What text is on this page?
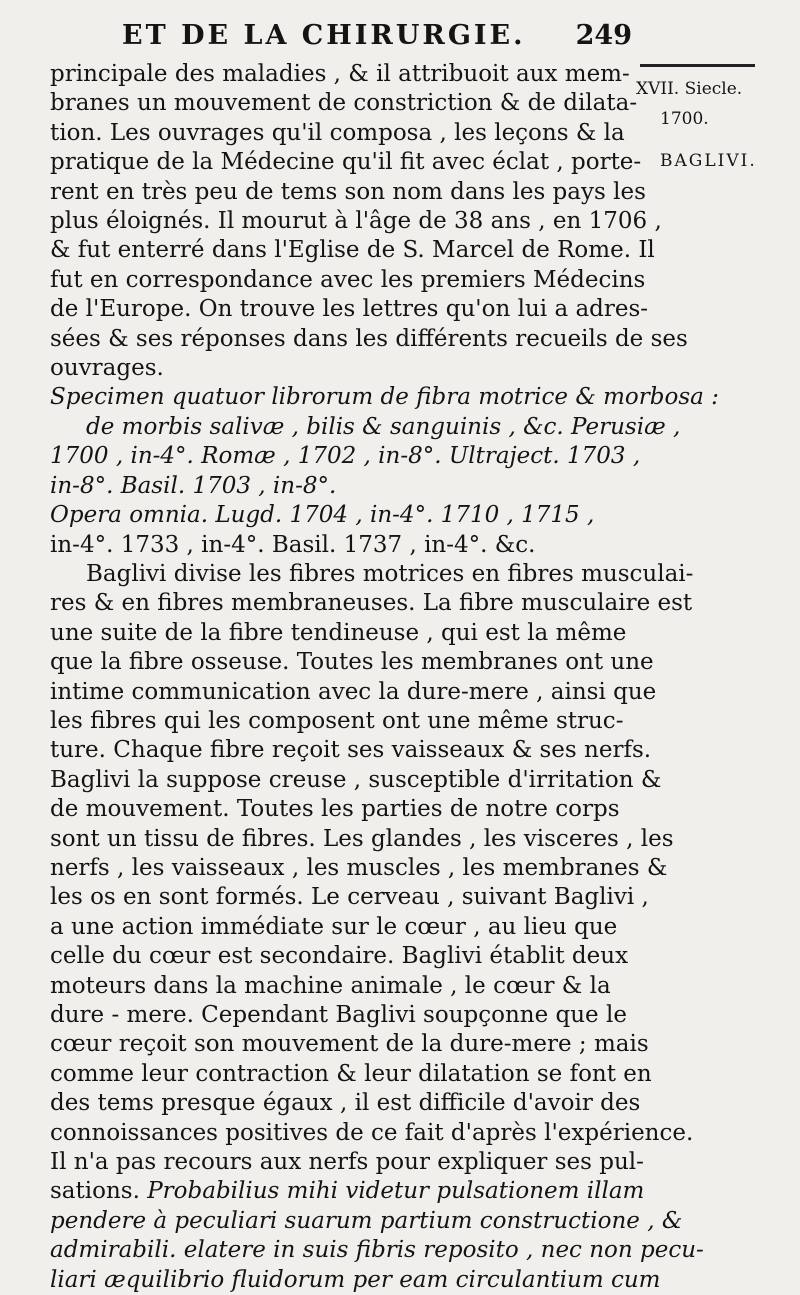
ET DE LA CHIRURGIE. 249
XVII. Siecle.
1700.
BAGLIVI.

principale des maladies , & il attribuoit aux mem-
branes un mouvement de constriction & de dilata-
tion. Les ouvrages qu'il composa , les leçons & la
pratique de la Médecine qu'il fit avec éclat , porte-
rent en très peu de tems son nom dans les pays les
plus éloignés. Il mourut à l'âge de 38 ans , en 1706 ,
& fut enterré dans l'Eglise de S. Marcel de Rome. Il
fut en correspondance avec les premiers Médecins
de l'Europe. On trouve les lettres qu'on lui a adres-
sées & ses réponses dans les différents recueils de ses
ouvrages.

Specimen quatuor librorum de fibra motrice & morbosa :
de morbis salivæ , bilis & sanguinis , &c. Perusiæ ,
1700 , in-4°. Romæ , 1702 , in-8°. Ultraject. 1703 ,
in-8°. Basil. 1703 , in-8°.

Opera omnia. Lugd. 1704 , in-4°. 1710 , 1715 ,
in-4°. 1733 , in-4°. Basil. 1737 , in-4°. &c.

Baglivi divise les fibres motrices en fibres musculai-
res & en fibres membraneuses. La fibre musculaire est
une suite de la fibre tendineuse , qui est la même
que la fibre osseuse. Toutes les membranes ont une
intime communication avec la dure-mere , ainsi que
les fibres qui les composent ont une même struc-
ture. Chaque fibre reçoit ses vaisseaux & ses nerfs.
Baglivi la suppose creuse , susceptible d'irritation &
de mouvement. Toutes les parties de notre corps
sont un tissu de fibres. Les glandes , les visceres , les
nerfs , les vaisseaux , les muscles , les membranes &
les os en sont formés. Le cerveau , suivant Baglivi ,
a une action immédiate sur le cœur , au lieu que
celle du cœur est secondaire. Baglivi établit deux
moteurs dans la machine animale , le cœur & la
dure - mere. Cependant Baglivi soupçonne que le
cœur reçoit son mouvement de la dure-mere ; mais
comme leur contraction & leur dilatation se font en
des tems presque égaux , il est difficile d'avoir des
connoissances positives de ce fait d'après l'expérience.
Il n'a pas recours aux nerfs pour expliquer ses pul-
sations. Probabilius mihi videtur pulsationem illam
pendere à peculiari suarum partium constructione , &
admirabili. elatere in suis fibris reposito , nec non pecu-
liari æquilibrio fluidorum per eam circulantium cum
